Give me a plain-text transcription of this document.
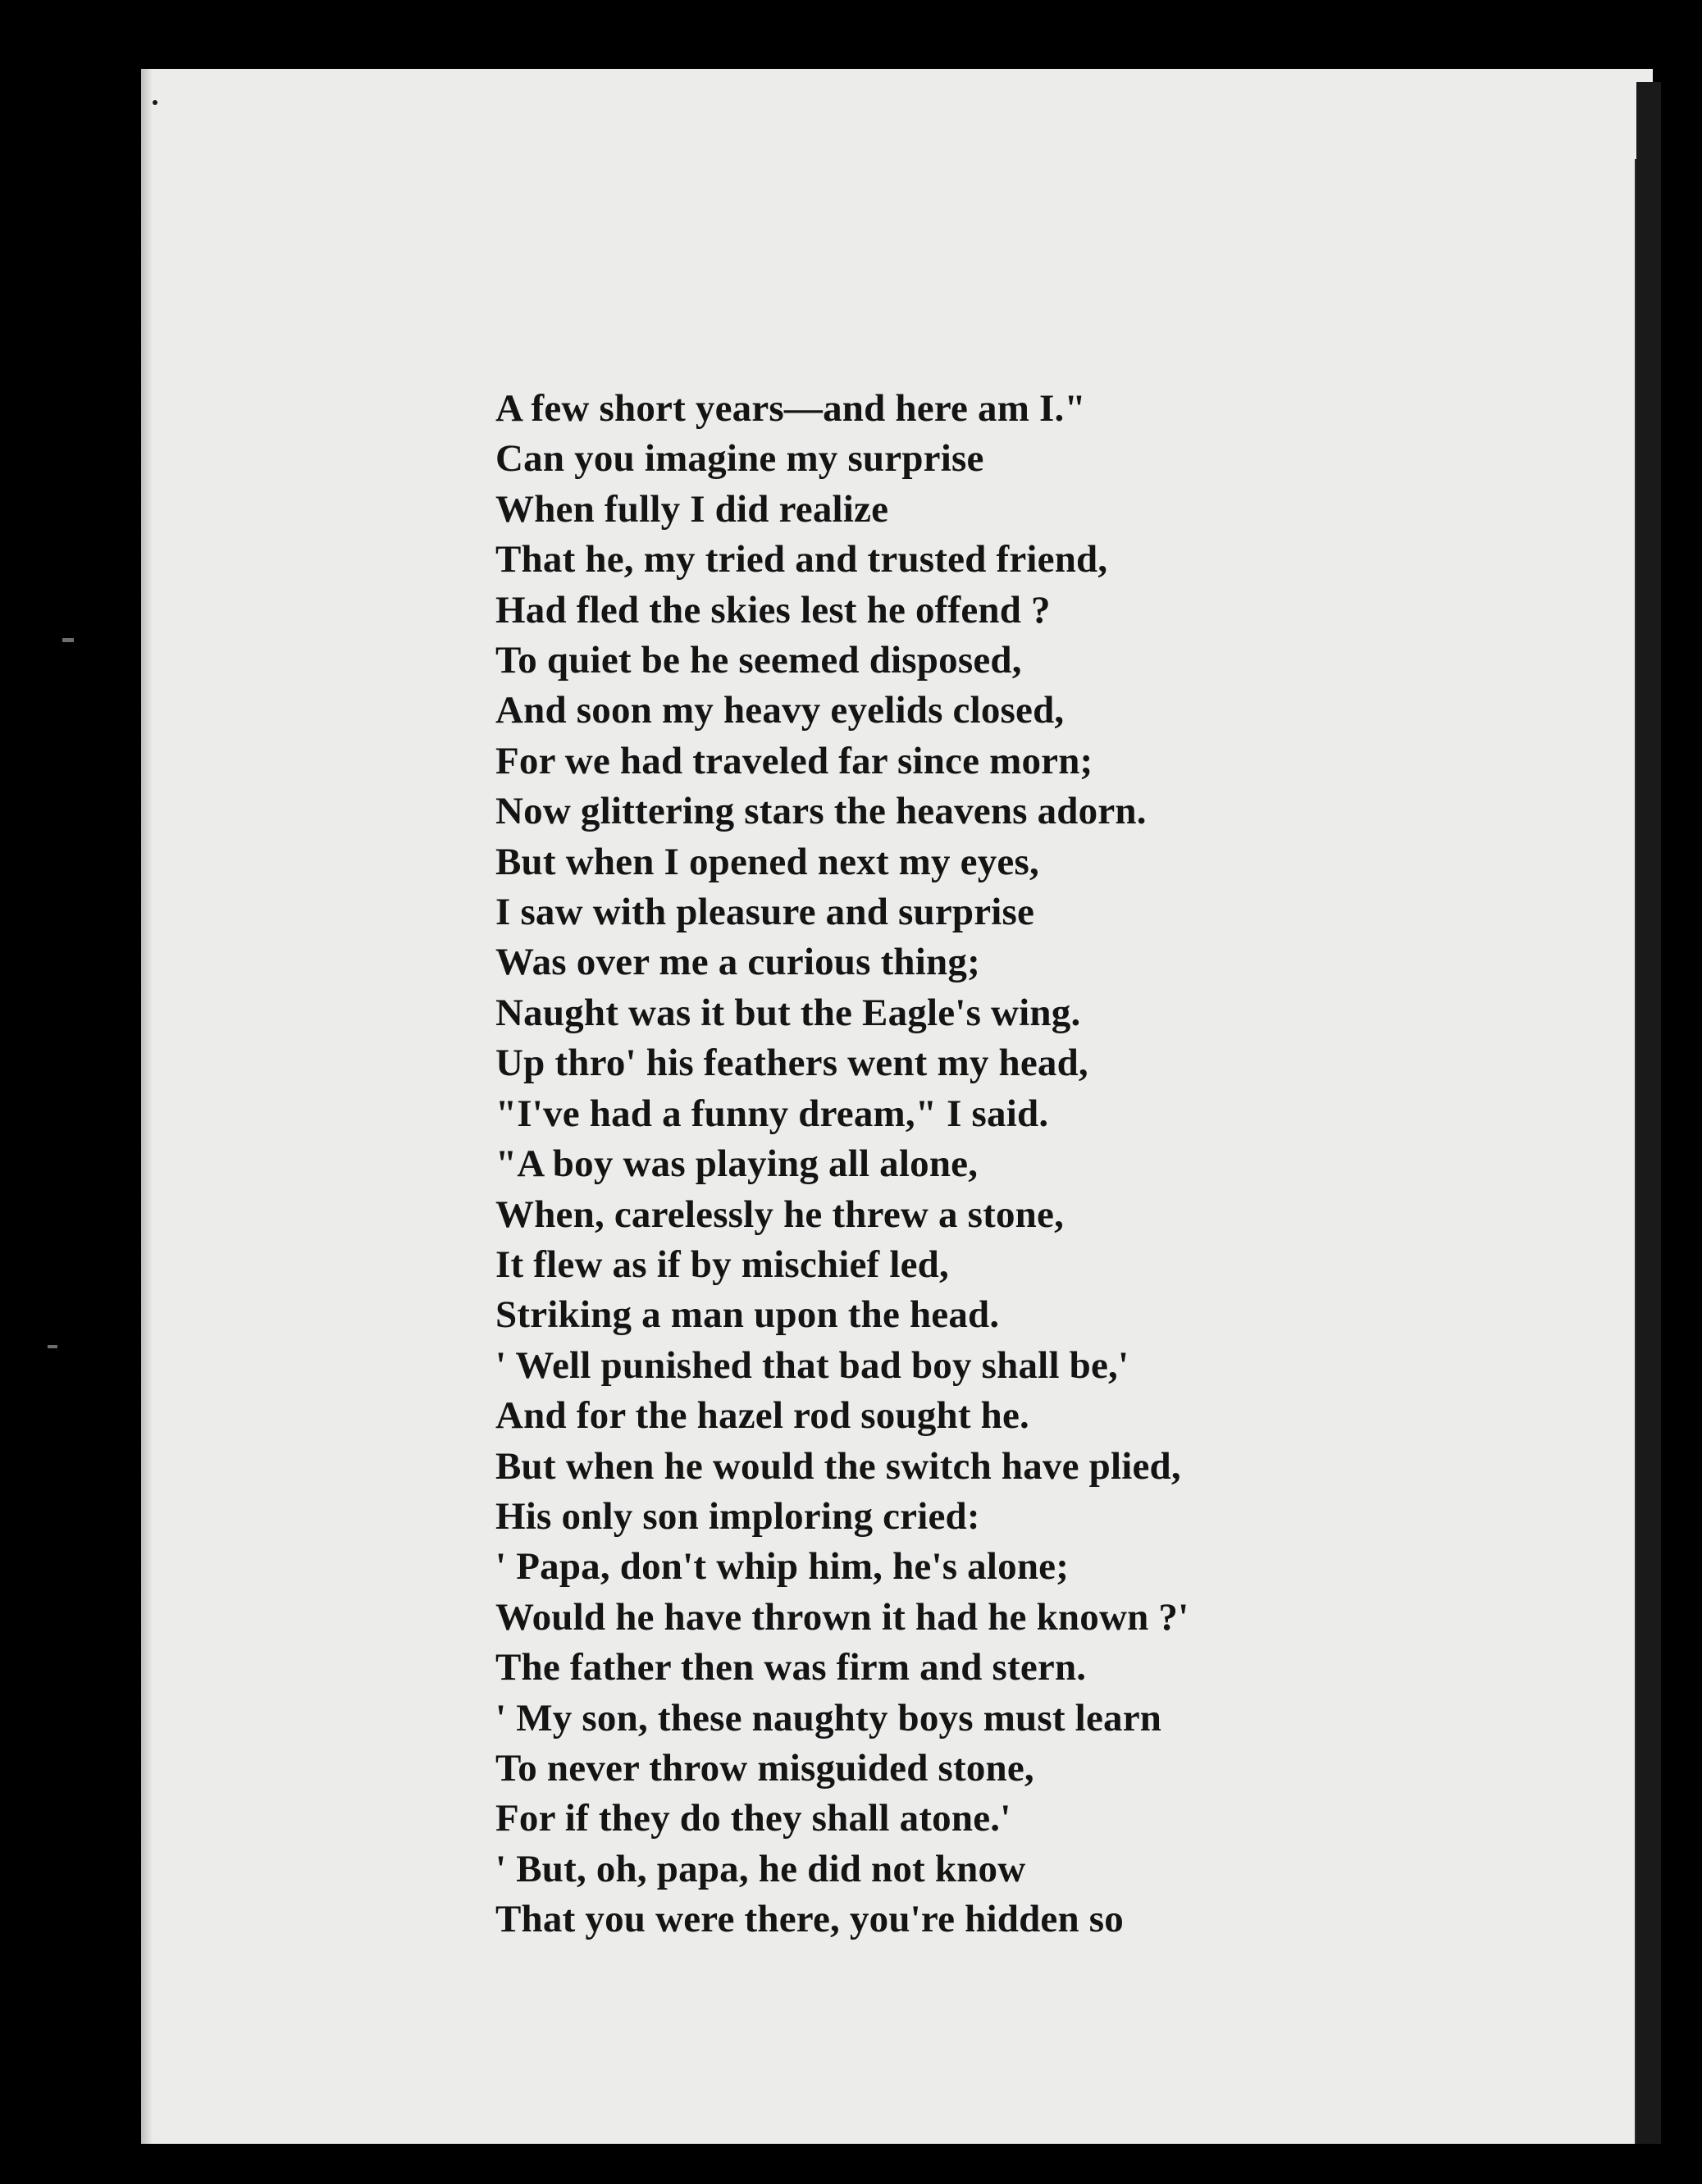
A few short years—and here am I."
Can you imagine my surprise
When fully I did realize
That he, my tried and trusted friend,
Had fled the skies lest he offend ?
To quiet be he seemed disposed,
And soon my heavy eyelids closed,
For we had traveled far since morn;
Now glittering stars the heavens adorn.
But when I opened next my eyes,
I saw with pleasure and surprise
Was over me a curious thing;
Naught was it but the Eagle's wing.
Up thro' his feathers went my head,
"I've had a funny dream," I said.
"A boy was playing all alone,
When, carelessly he threw a stone,
It flew as if by mischief led,
Striking a man upon the head.
' Well punished that bad boy shall be,'
And for the hazel rod sought he.
But when he would the switch have plied,
His only son imploring cried:
' Papa, don't whip him, he's alone;
Would he have thrown it had he known ?'
The father then was firm and stern.
' My son, these naughty boys must learn
To never throw misguided stone,
For if they do they shall atone.'
' But, oh, papa, he did not know
That you were there, you're hidden so
